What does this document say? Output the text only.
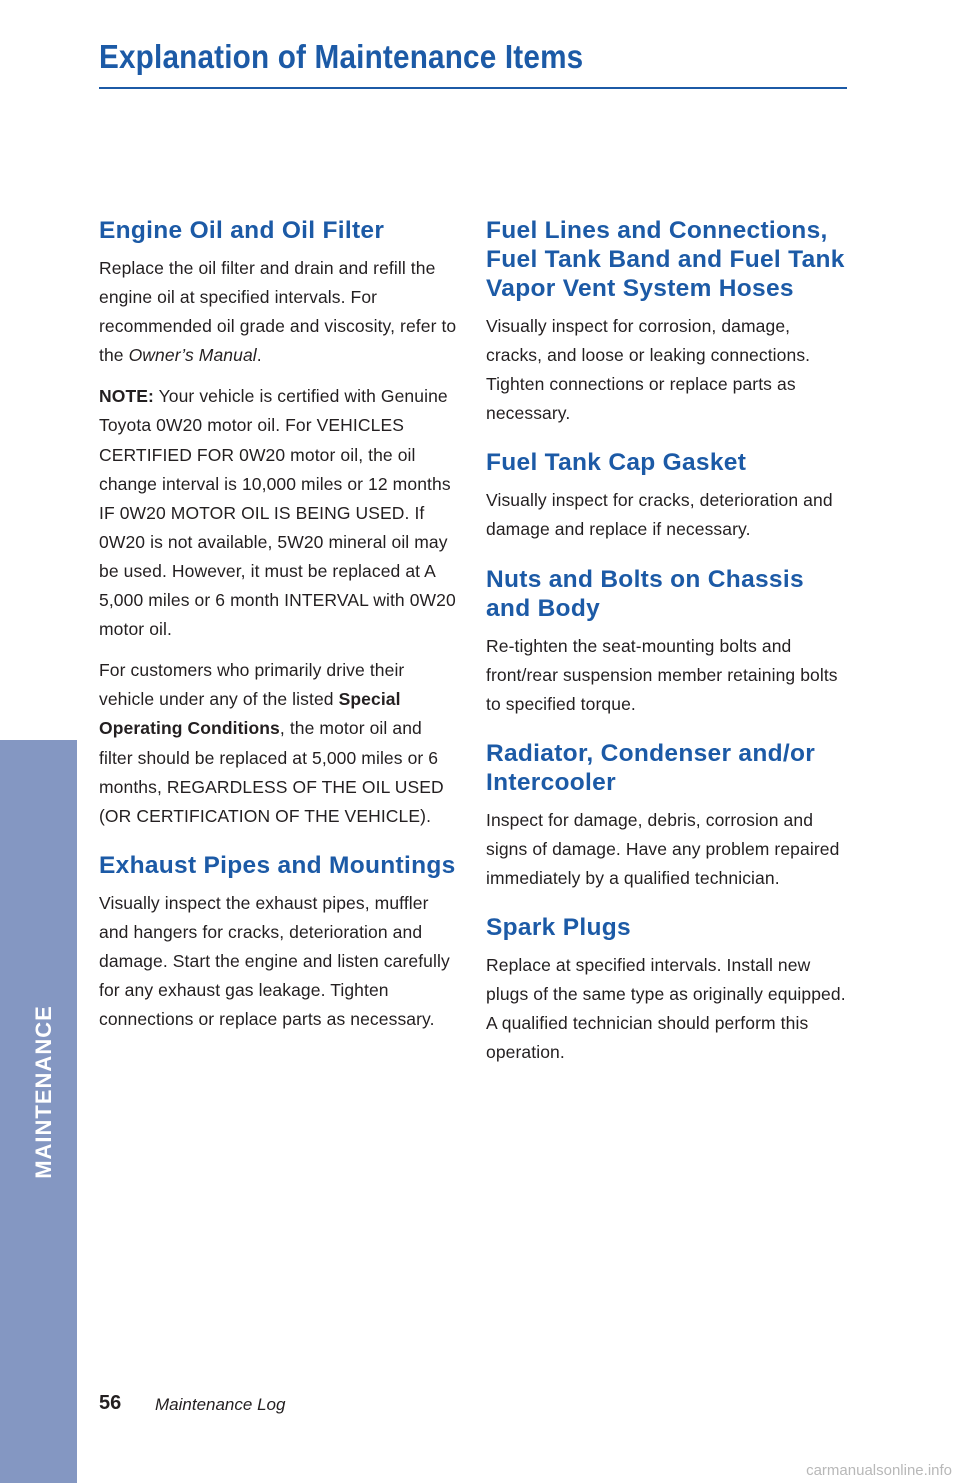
Explanation of Maintenance Items
MAINTENANCE
Engine Oil and Oil Filter

Replace the oil filter and drain and refill the engine oil at specified intervals. For recommended oil grade and viscosity, refer to the Owner’s Manual.

NOTE: Your vehicle is certified with Genuine Toyota 0W20 motor oil. For VEHICLES CERTIFIED FOR 0W20 motor oil, the oil change interval is 10,000 miles or 12 months IF 0W20 MOTOR OIL IS BEING USED. If 0W20 is not available, 5W20 mineral oil may be used. However, it must be replaced at A 5,000 miles or 6 month INTERVAL with 0W20 motor oil.

For customers who primarily drive their vehicle under any of the listed Special Operating Conditions, the motor oil and filter should be replaced at 5,000 miles or 6 months, REGARDLESS OF THE OIL USED (OR CERTIFICATION OF THE VEHICLE).

Exhaust Pipes and Mountings

Visually inspect the exhaust pipes, muffler and hangers for cracks, deterioration and damage. Start the engine and listen carefully for any exhaust gas leakage. Tighten connections or replace parts as necessary.

Fuel Lines and Connections, Fuel Tank Band and Fuel Tank Vapor Vent System Hoses

Visually inspect for corrosion, damage, cracks, and loose or leaking connections. Tighten connections or replace parts as necessary.

Fuel Tank Cap Gasket

Visually inspect for cracks, deterioration and damage and replace if necessary.

Nuts and Bolts on Chassis and Body

Re-tighten the seat-mounting bolts and front/rear suspension member retaining bolts to specified torque.

Radiator, Condenser and/or Intercooler

Inspect for damage, debris, corrosion and signs of damage. Have any problem repaired immediately by a qualified technician.

Spark Plugs

Replace at specified intervals. Install new plugs of the same type as originally equipped. A qualified technician should perform this operation.

56 Maintenance Log
carmanualsonline.info
